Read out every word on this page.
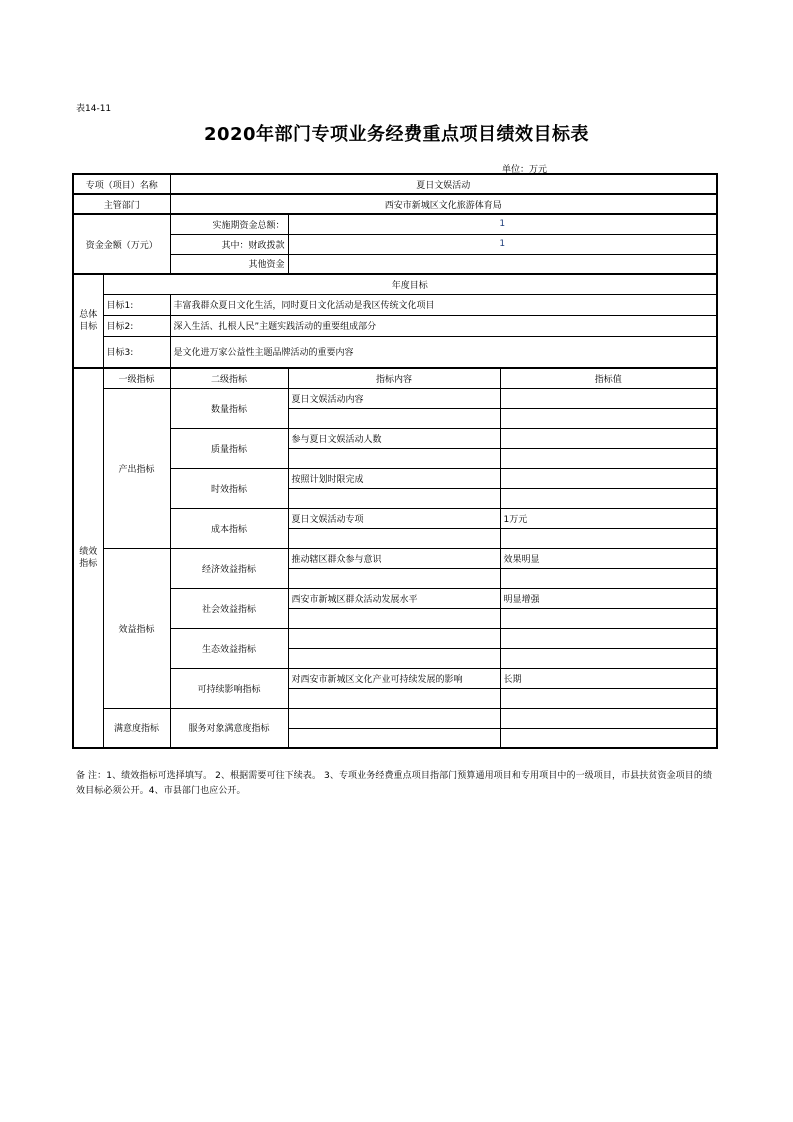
表14-11
2020年部门专项业务经费重点项目绩效目标表
单位：万元
专项（项目）名称		夏日文娱活动		
主管部门		西安市新城区文化旅游体育局		
资金金额（万元）		实施期资金总额：	1	
		其中：财政拨款	1	
		其他资金		
总体目标	年度目标			
	目标1:	丰富我群众夏日文化生活，同时夏日文化活动是我区传统文化项目		
	目标2:	深入生活、扎根人民”主题实践活动的重要组成部分		
	目标3:	是文化进万家公益性主题品牌活动的重要内容		
绩效指标	一级指标	二级指标	指标内容	指标值
	产出指标	数量指标	夏日文娱活动内容	

		质量指标	参与夏日文娱活动人数	

		时效指标	按照计划时限完成	

		成本指标	夏日文娱活动专项	1万元

	效益指标	经济效益指标	推动辖区群众参与意识	效果明显

		社会效益指标	西安市新城区群众活动发展水平	明显增强

		生态效益指标		

		可持续影响指标	对西安市新城区文化产业可持续发展的影响	长期

	满意度指标	服务对象满意度指标		

备 注：1、绩效指标可选择填写。 2、根据需要可往下续表。 3、专项业务经费重点项目指部门预算通用项目和专用项目中的一级项目，市县扶贫资金项目的绩效目标必须公开。4、市县部门也应公开。
